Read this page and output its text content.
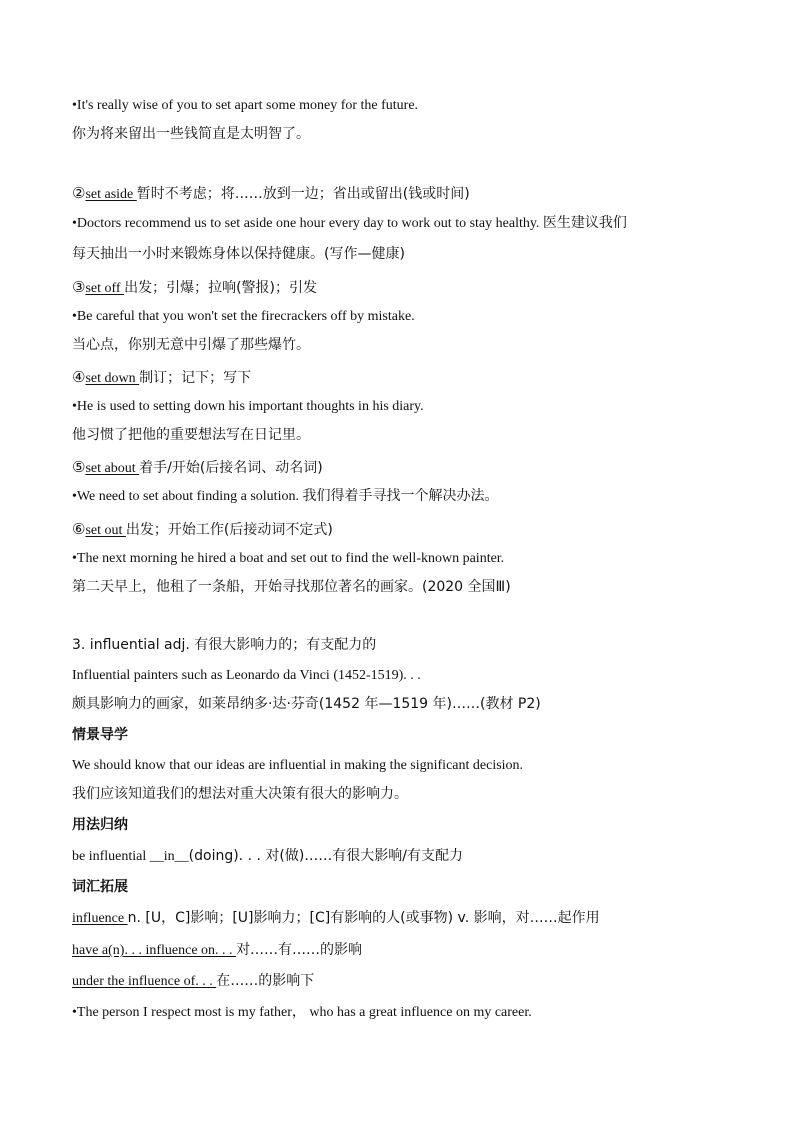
•It's really wise of you to set apart some money for the future.
你为将来留出一些钱简直是太明智了。
②set aside 暂时不考虑；将……放到一边；省出或留出(钱或时间)
•Doctors recommend us to set aside one hour every day to work out to stay healthy. 医生建议我们
每天抽出一小时来锻炼身体以保持健康。(写作—健康)
③set off 出发；引爆；拉响(警报)；引发
•Be careful that you won't set the firecrackers off by mistake.
当心点，你别无意中引爆了那些爆竹。
④set down 制订；记下；写下
•He is used to setting down his important thoughts in his diary.
他习惯了把他的重要想法写在日记里。
⑤set about 着手/开始(后接名词、动名词)
•We need to set about finding a solution. 我们得着手寻找一个解决办法。
⑥set out 出发；开始工作(后接动词不定式)
•The next morning he hired a boat and set out to find the well-known painter.
第二天早上，他租了一条船，开始寻找那位著名的画家。(2020 全国Ⅲ)
3. influential adj. 有很大影响力的；有支配力的
Influential painters such as Leonardo da Vinci (1452-1519). . .
颇具影响力的画家，如莱昂纳多·达·芬奇(1452 年—1519 年)……(教材 P2)
情景导学
We should know that our ideas are influential in making the significant decision.
我们应该知道我们的想法对重大决策有很大的影响力。
用法归纳
be influential __in__(doing). . . 对(做)……有很大影响/有支配力
词汇拓展
influence n. [U，C]影响；[U]影响力；[C]有影响的人(或事物) v. 影响，对……起作用
have a(n). . . influence on. . . 对……有……的影响
under the influence of. . . 在……的影响下
•The person I respect most is my father， who has a great influence on my career.
